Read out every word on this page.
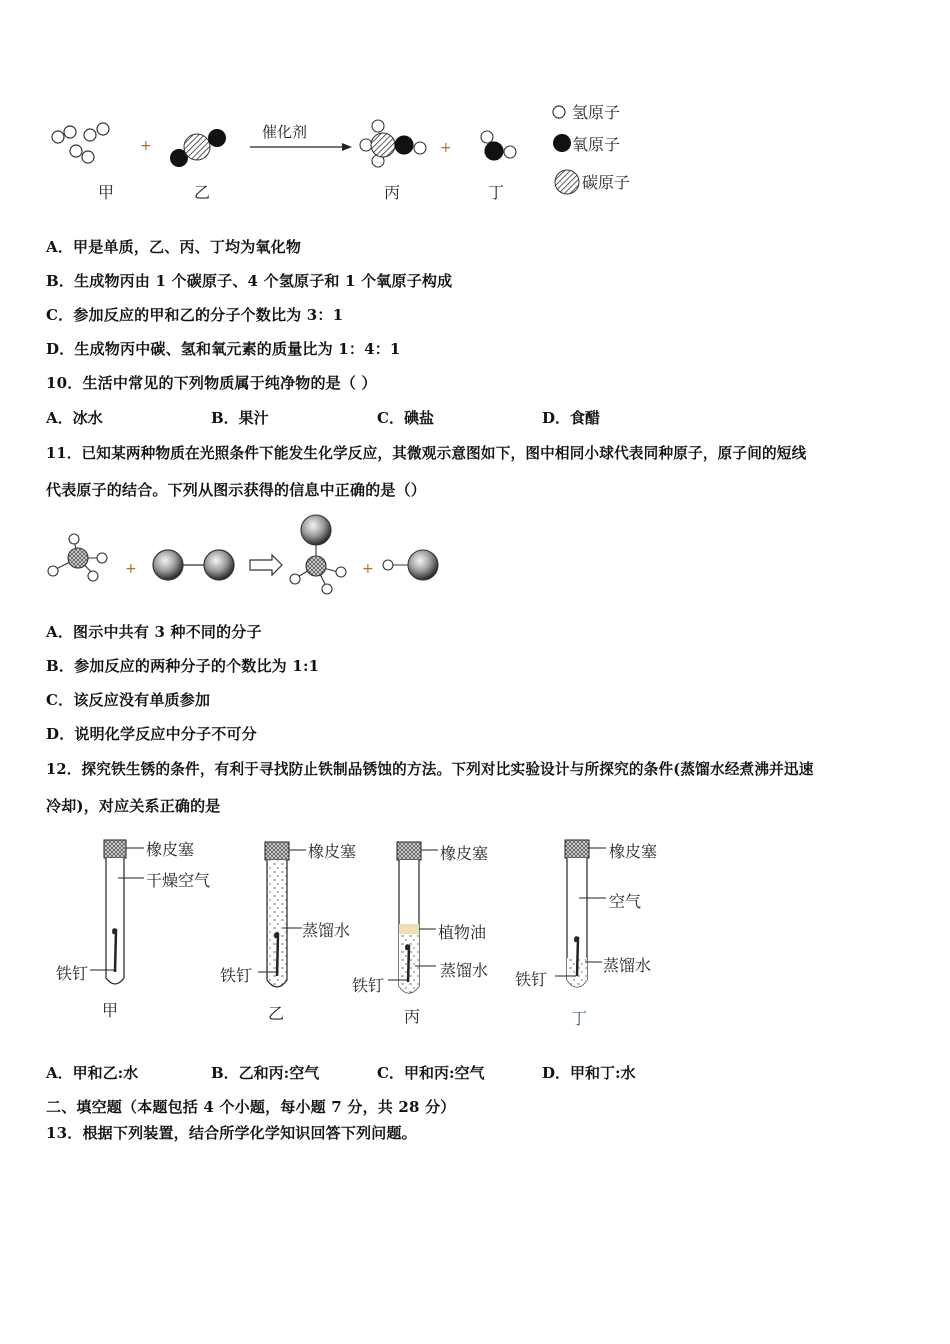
+
催化剂
+
氢原子
氧原子
碳原子
甲	乙	丙	丁
A．甲是单质，乙、丙、丁均为氧化物
B．生成物丙由 1 个碳原子、4 个氢原子和 1 个氧原子构成
C．参加反应的甲和乙的分子个数比为 3：1
D．生成物丙中碳、氢和氧元素的质量比为 1：4：1
10．生活中常见的下列物质属于纯净物的是（ ）
A．冰水	B．果汁	C．碘盐	D．食醋
11．已知某两种物质在光照条件下能发生化学反应，其微观示意图如下，图中相同小球代表同种原子，原子间的短线
代表原子的结合。下列从图示获得的信息中正确的是（）
+	+
A．图示中共有 3 种不同的分子
B．参加反应的两种分子的个数比为 1:1
C．该反应没有单质参加
D．说明化学反应中分子不可分
12．探究铁生锈的条件，有利于寻找防止铁制品锈蚀的方法。下列对比实验设计与所探究的条件(蒸馏水经煮沸并迅速
冷却)，对应关系正确的是
橡皮塞
干燥空气
铁钉
甲
橡皮塞
蒸馏水
铁钉
乙
橡皮塞
植物油
蒸馏水
铁钉
丙
橡皮塞
空气
蒸馏水
铁钉
丁
A．甲和乙:水	B．乙和丙:空气	C．甲和丙:空气	D．甲和丁:水
二、填空题（本题包括 4 个小题，每小题 7 分，共 28 分）
13．根据下列装置，结合所学化学知识回答下列问题。
